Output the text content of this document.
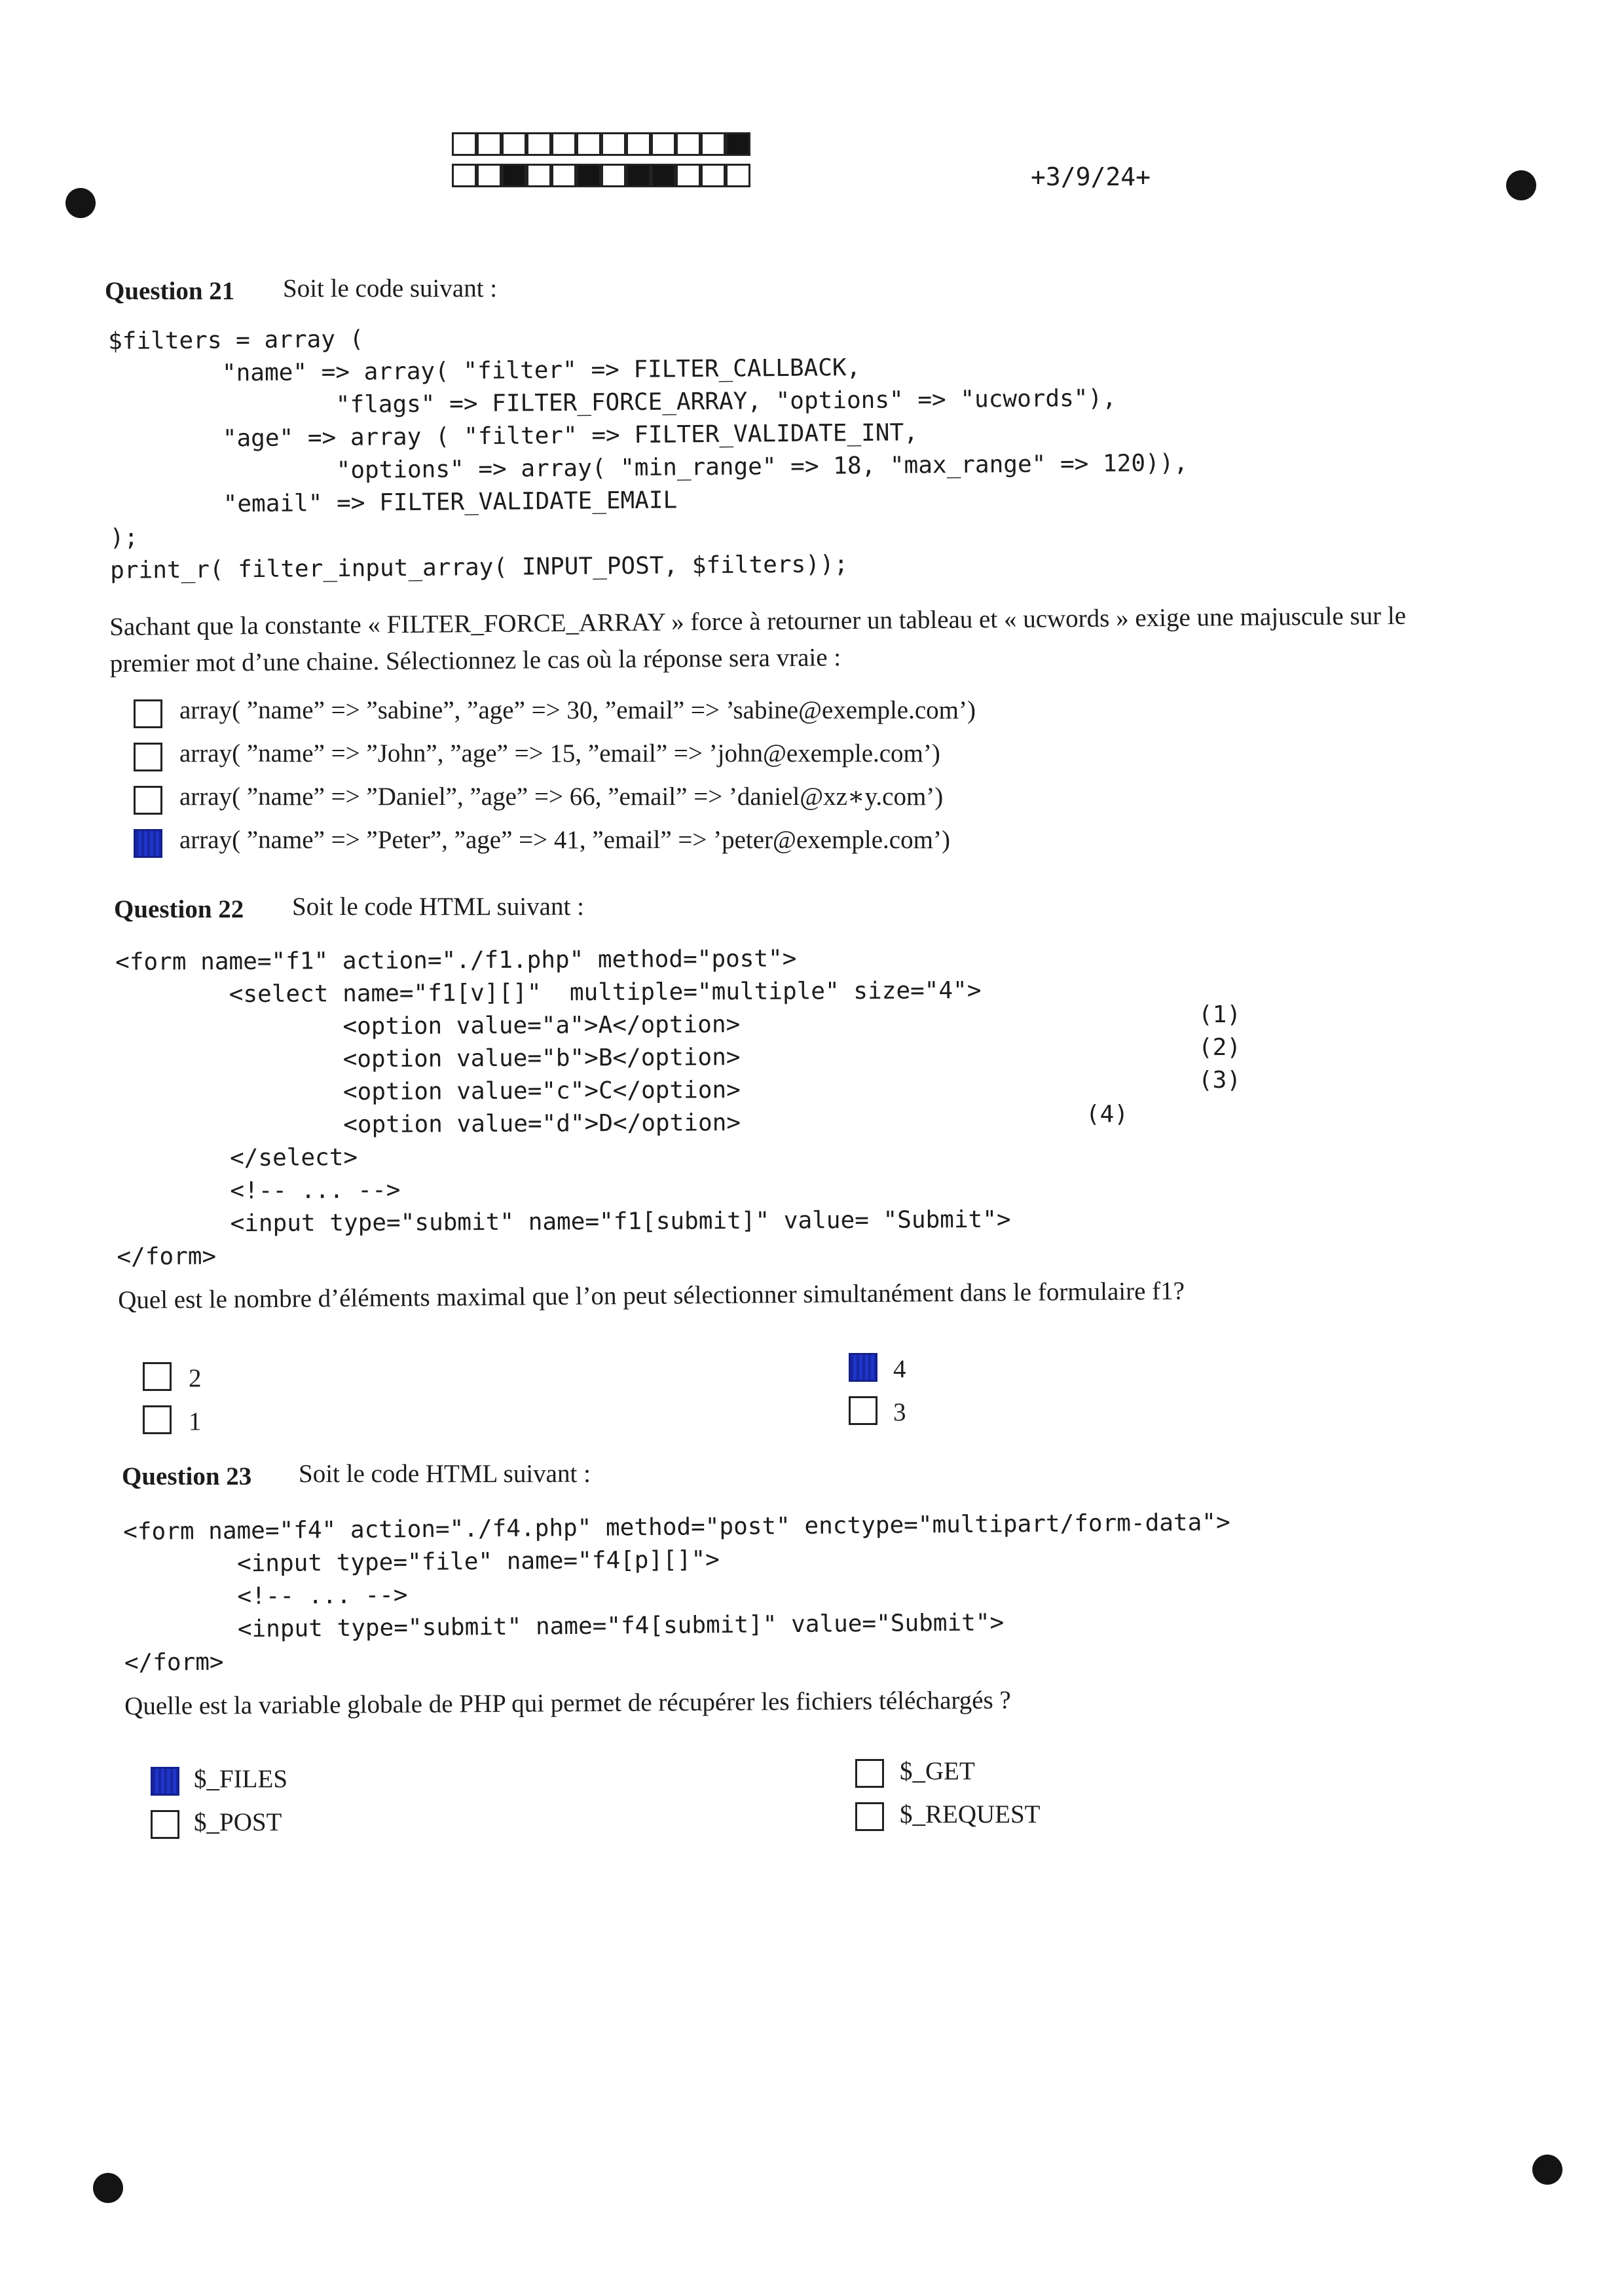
+3/9/24+
Question 21 Soit le code suivant :
$filters = array (
"name" => array( "filter" => FILTER_CALLBACK,
"flags" => FILTER_FORCE_ARRAY, "options" => "ucwords"),
"age" => array ( "filter" => FILTER_VALIDATE_INT,
"options" => array( "min_range" => 18, "max_range" => 120)),
"email" => FILTER_VALIDATE_EMAIL
);
print_r( filter_input_array( INPUT_POST, $filters));
Sachant que la constante « FILTER_FORCE_ARRAY » force à retourner un tableau et « ucwords » exige une majuscule sur le
premier mot d’une chaine. Sélectionnez le cas où la réponse sera vraie :
array( ”name” => ”sabine”, ”age” => 30, ”email” => ’sabine@exemple.com’)
array( ”name” => ”John”, ”age” => 15, ”email” => ’john@exemple.com’)
array( ”name” => ”Daniel”, ”age” => 66, ”email” => ’daniel@xz∗y.com’)
array( ”name” => ”Peter”, ”age” => 41, ”email” => ’peter@exemple.com’)
Question 22 Soit le code HTML suivant :
<form name="f1" action="./f1.php" method="post">
<select name="f1[v][]"  multiple="multiple" size="4">
<option value="a">A</option>
<option value="b">B</option>
<option value="c">C</option>
<option value="d">D</option>
</select>
<!-- ... -->
<input type="submit" name="f1[submit]" value= "Submit">
</form>
(1)
(2)
(3)
(4)
Quel est le nombre d’éléments maximal que l’on peut sélectionner simultanément dans le formulaire f1?
2
1
4
3
Question 23 Soit le code HTML suivant :
<form name="f4" action="./f4.php" method="post" enctype="multipart/form-data">
<input type="file" name="f4[p][]">
<!-- ... -->
<input type="submit" name="f4[submit]" value="Submit">
</form>
Quelle est la variable globale de PHP qui permet de récupérer les fichiers téléchargés ?
$_FILES
$_POST
$_GET
$_REQUEST
